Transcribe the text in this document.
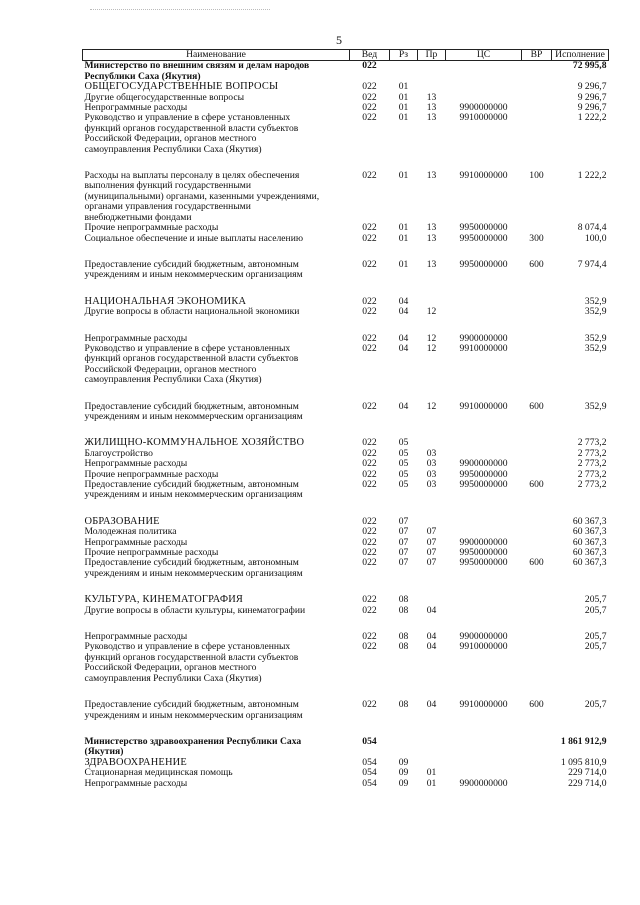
5
Наименование	Вед	Рз	Пр	ЦС	ВР	Исполнение
Министерство по внешним связям и делам народов
Республики Саха (Якутия)	022					72 995,8
ОБЩЕГОСУДАРСТВЕННЫЕ ВОПРОСЫ	022	01				9 296,7
Другие общегосударственные вопросы	022	01	13			9 296,7
Непрограммные расходы	022	01	13	9900000000		9 296,7
Руководство и управление в сфере установленных
функций органов государственной власти субъектов
Российской Федерации, органов местного
самоуправления Республики Саха (Якутия)	022	01	13	9910000000		1 222,2

Расходы на выплаты персоналу в целях обеспечения
выполнения функций государственными
(муниципальными) органами, казенными учреждениями,
органами управления государственными
внебюджетными фондами	022	01	13	9910000000	100	1 222,2
Прочие непрограммные расходы	022	01	13	9950000000		8 074,4
Социальное обеспечение и иные выплаты населению	022	01	13	9950000000	300	100,0

Предоставление субсидий бюджетным, автономным
учреждениям и иным некоммерческим организациям	022	01	13	9950000000	600	7 974,4

НАЦИОНАЛЬНАЯ ЭКОНОМИКА	022	04				352,9
Другие вопросы в области национальной экономики	022	04	12			352,9

Непрограммные расходы	022	04	12	9900000000		352,9
Руководство и управление в сфере установленных
функций органов государственной власти субъектов
Российской Федерации, органов местного
самоуправления Республики Саха (Якутия)	022	04	12	9910000000		352,9

Предоставление субсидий бюджетным, автономным
учреждениям и иным некоммерческим организациям	022	04	12	9910000000	600	352,9

ЖИЛИЩНО-КОММУНАЛЬНОЕ ХОЗЯЙСТВО	022	05				2 773,2
Благоустройство	022	05	03			2 773,2
Непрограммные расходы	022	05	03	9900000000		2 773,2
Прочие непрограммные расходы	022	05	03	9950000000		2 773,2
Предоставление субсидий бюджетным, автономным
учреждениям и иным некоммерческим организациям	022	05	03	9950000000	600	2 773,2

ОБРАЗОВАНИЕ	022	07				60 367,3
Молодежная политика	022	07	07			60 367,3
Непрограммные расходы	022	07	07	9900000000		60 367,3
Прочие непрограммные расходы	022	07	07	9950000000		60 367,3
Предоставление субсидий бюджетным, автономным
учреждениям и иным некоммерческим организациям	022	07	07	9950000000	600	60 367,3

КУЛЬТУРА, КИНЕМАТОГРАФИЯ	022	08				205,7
Другие вопросы в области культуры, кинематографии	022	08	04			205,7

Непрограммные расходы	022	08	04	9900000000		205,7
Руководство и управление в сфере установленных
функций органов государственной власти субъектов
Российской Федерации, органов местного
самоуправления Республики Саха (Якутия)	022	08	04	9910000000		205,7

Предоставление субсидий бюджетным, автономным
учреждениям и иным некоммерческим организациям	022	08	04	9910000000	600	205,7

Министерство здравоохранения Республики Саха
(Якутия)	054					1 861 912,9
ЗДРАВООХРАНЕНИЕ	054	09				1 095 810,9
Стационарная медицинская помощь	054	09	01			229 714,0
Непрограммные расходы	054	09	01	9900000000		229 714,0
